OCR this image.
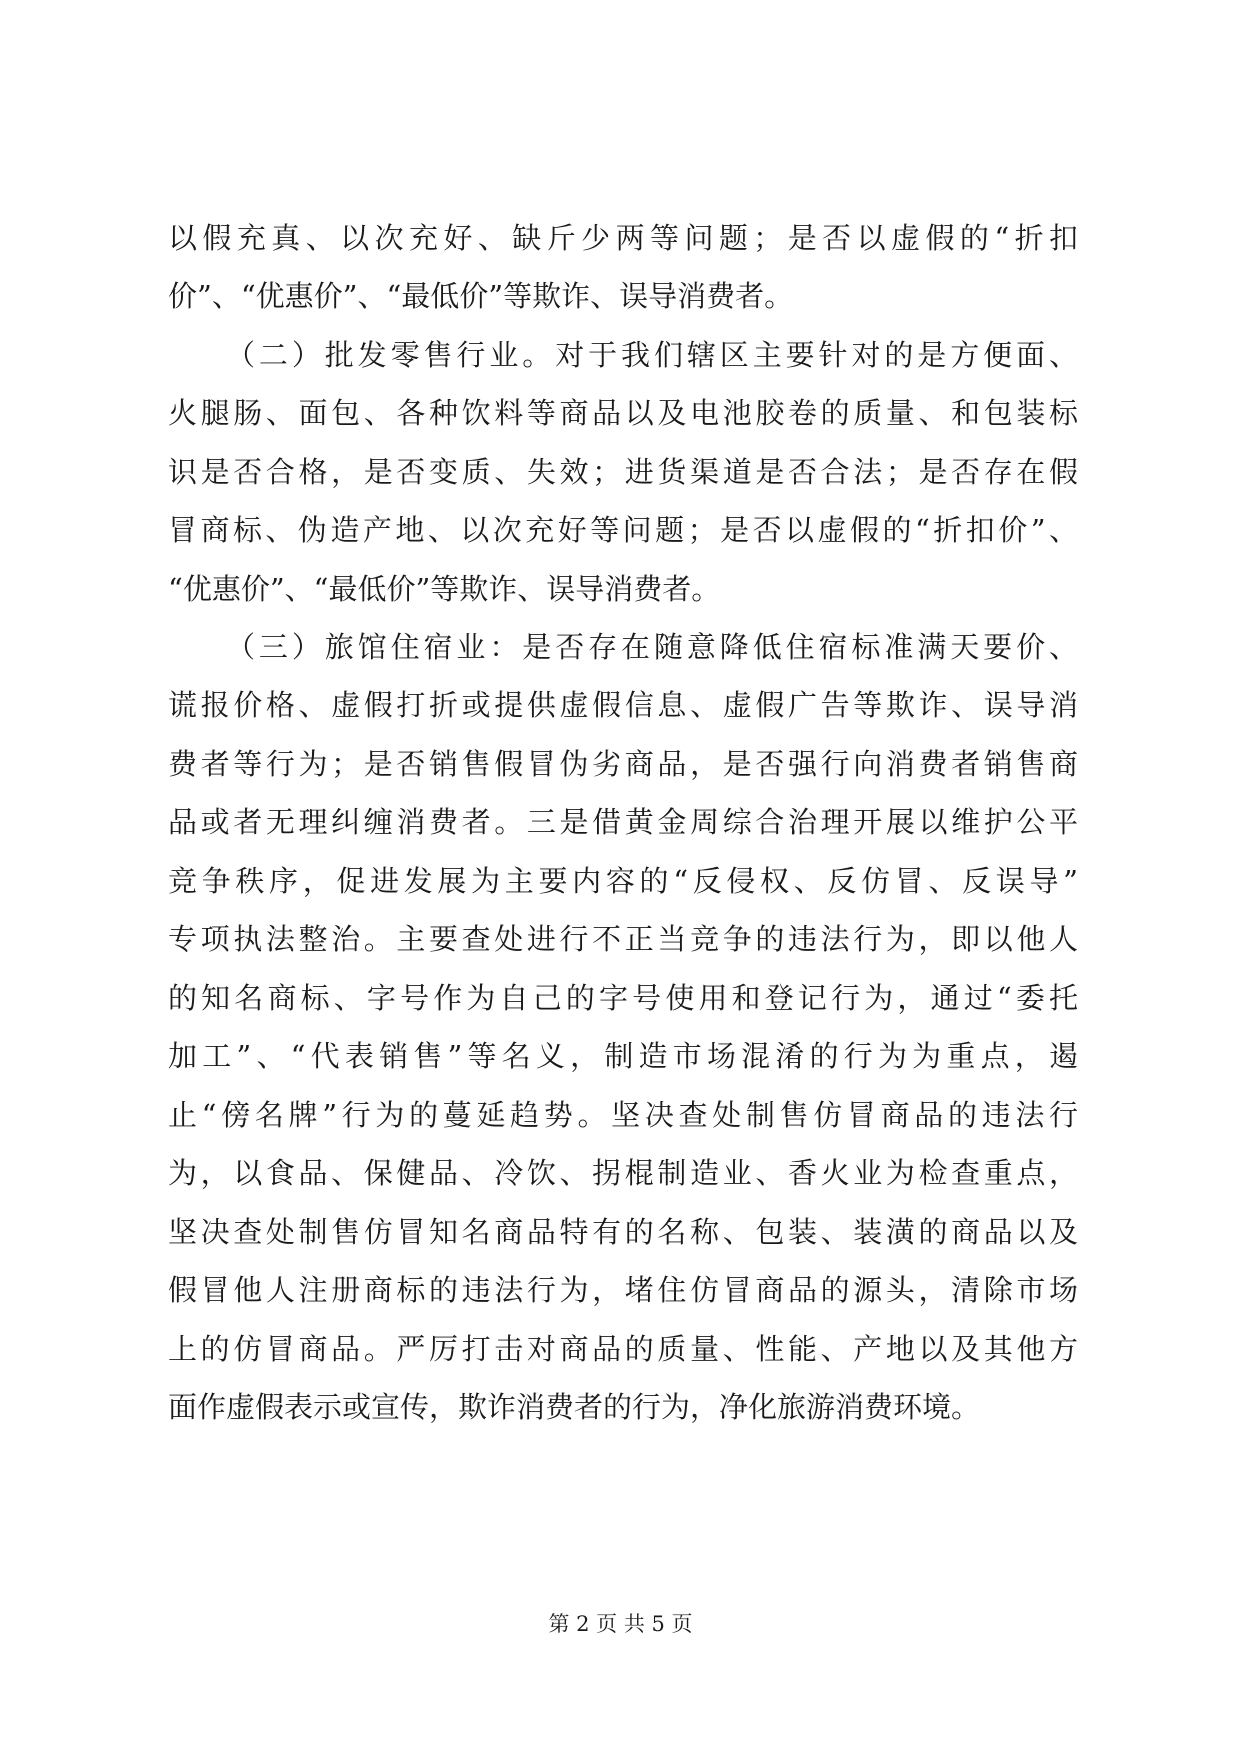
以假充真、以次充好、缺斤少两等问题；是否以虚假的“折扣
价”、“优惠价”、“最低价”等欺诈、误导消费者。
（二）批发零售行业。对于我们辖区主要针对的是方便面、
火腿肠、面包、各种饮料等商品以及电池胶卷的质量、和包装标
识是否合格，是否变质、失效；进货渠道是否合法；是否存在假
冒商标、伪造产地、以次充好等问题；是否以虚假的“折扣价”、
“优惠价”、“最低价”等欺诈、误导消费者。
（三）旅馆住宿业：是否存在随意降低住宿标准满天要价、
谎报价格、虚假打折或提供虚假信息、虚假广告等欺诈、误导消
费者等行为；是否销售假冒伪劣商品，是否强行向消费者销售商
品或者无理纠缠消费者。三是借黄金周综合治理开展以维护公平
竞争秩序，促进发展为主要内容的“反侵权、反仿冒、反误导”
专项执法整治。主要查处进行不正当竞争的违法行为，即以他人
的知名商标、字号作为自己的字号使用和登记行为，通过“委托
加工”、“代表销售”等名义，制造市场混淆的行为为重点，遏
止“傍名牌”行为的蔓延趋势。坚决查处制售仿冒商品的违法行
为，以食品、保健品、冷饮、拐棍制造业、香火业为检查重点，
坚决查处制售仿冒知名商品特有的名称、包装、装潢的商品以及
假冒他人注册商标的违法行为，堵住仿冒商品的源头，清除市场
上的仿冒商品。严厉打击对商品的质量、性能、产地以及其他方
面作虚假表示或宣传，欺诈消费者的行为，净化旅游消费环境。
第 2 页 共 5 页
